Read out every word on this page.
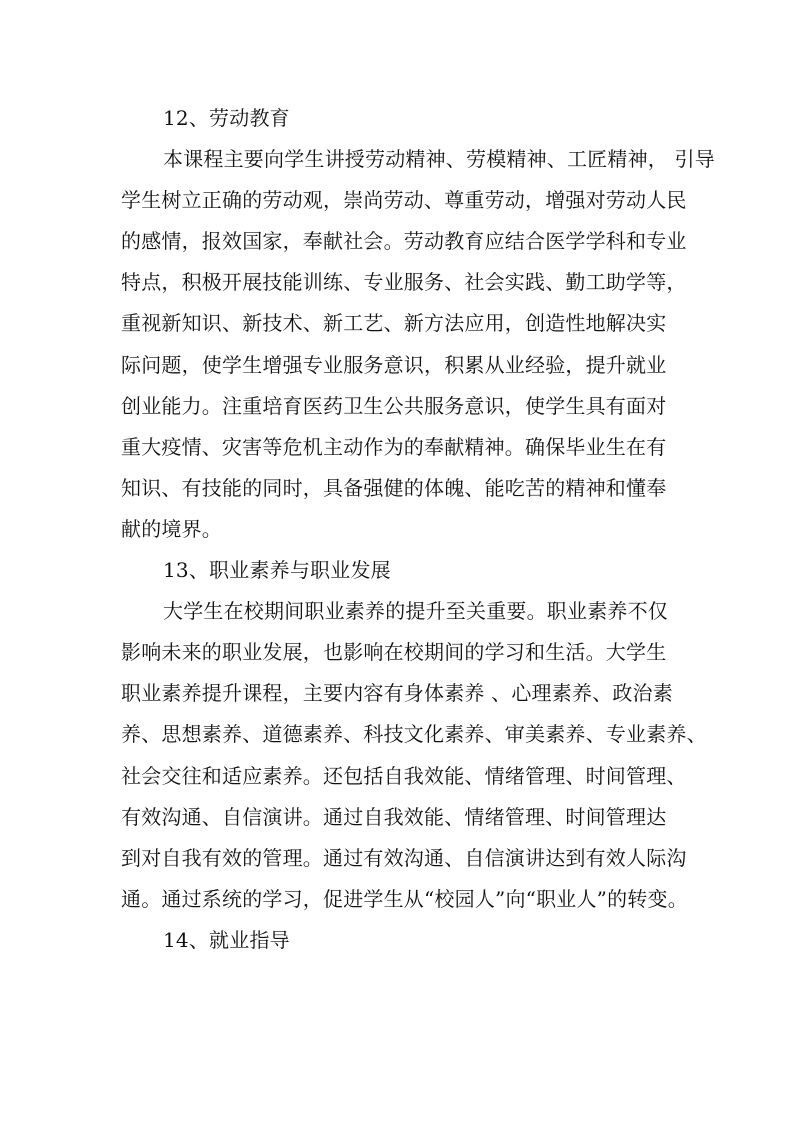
12、劳动教育
本课程主要向学生讲授劳动精神、劳模精神、工匠精神， 引导
学生树立正确的劳动观，崇尚劳动、尊重劳动，增强对劳动人民
的感情，报效国家，奉献社会。劳动教育应结合医学学科和专业
特点，积极开展技能训练、专业服务、社会实践、勤工助学等，
重视新知识、新技术、新工艺、新方法应用，创造性地解决实
际问题，使学生增强专业服务意识，积累从业经验，提升就业
创业能力。注重培育医药卫生公共服务意识，使学生具有面对
重大疫情、灾害等危机主动作为的奉献精神。确保毕业生在有
知识、有技能的同时，具备强健的体魄、能吃苦的精神和懂奉
献的境界。
13、职业素养与职业发展
大学生在校期间职业素养的提升至关重要。职业素养不仅
影响未来的职业发展，也影响在校期间的学习和生活。大学生
职业素养提升课程，主要内容有身体素养 、心理素养、政治素
养、思想素养、道德素养、科技文化素养、审美素养、专业素养、
社会交往和适应素养。还包括自我效能、情绪管理、时间管理、
有效沟通、自信演讲。通过自我效能、情绪管理、时间管理达
到对自我有效的管理。通过有效沟通、自信演讲达到有效人际沟
通。通过系统的学习，促进学生从“校园人”向“职业人”的转变。
14、就业指导
